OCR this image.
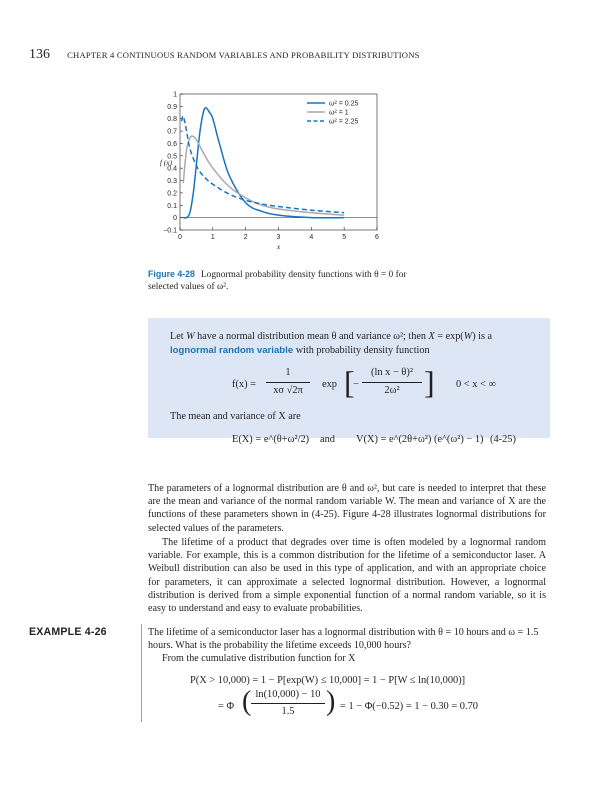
136 CHAPTER 4 CONTINUOUS RANDOM VARIABLES AND PROBABILITY DISTRIBUTIONS
−0.1
0
0.1
0.2
0.3
0.4
0.5
0.6
0.7
0.8
0.9
1
0	1	2	3	4	5	6
x
f (x)
ω² = 0.25
ω² = 1
ω² = 2.25
Figure 4-28 Lognormal probability density functions with θ = 0 for selected values of ω².
Let W have a normal distribution mean θ and variance ω²; then X = exp(W) is a lognormal random variable with probability density function
f(x) =
1
xσ √2π
exp [
−
(ln x − θ)²
2ω² ] 0 < x < ∞
The mean and variance of X are
E(X) = e^(θ+ω²/2) and V(X) = e^(2θ+ω²) (e^(ω²) − 1) (4-25)
The parameters of a lognormal distribution are θ and ω², but care is needed to interpret that these are the mean and variance of the normal random variable W. The mean and variance of X are the functions of these parameters shown in (4-25). Figure 4-28 illustrates lognormal distributions for selected values of the parameters.
The lifetime of a product that degrades over time is often modeled by a lognormal random variable. For example, this is a common distribution for the lifetime of a semiconductor laser. A Weibull distribution can also be used in this type of application, and with an appropriate choice for parameters, it can approximate a selected lognormal distribution. However, a lognormal distribution is derived from a simple exponential function of a normal random variable, so it is easy to understand and easy to evaluate probabilities.
EXAMPLE 4-26	The lifetime of a semiconductor laser has a lognormal distribution with θ = 10 hours and ω = 1.5 hours. What is the probability the lifetime exceeds 10,000 hours?
From the cumulative distribution function for X
P(X > 10,000) = 1 − P[exp(W) ≤ 10,000] = 1 − P[W ≤ ln(10,000)]
= Φ ( ln(10,000) − 10
1.5	) = 1 − Φ(−0.52) = 1 − 0.30 = 0.70
